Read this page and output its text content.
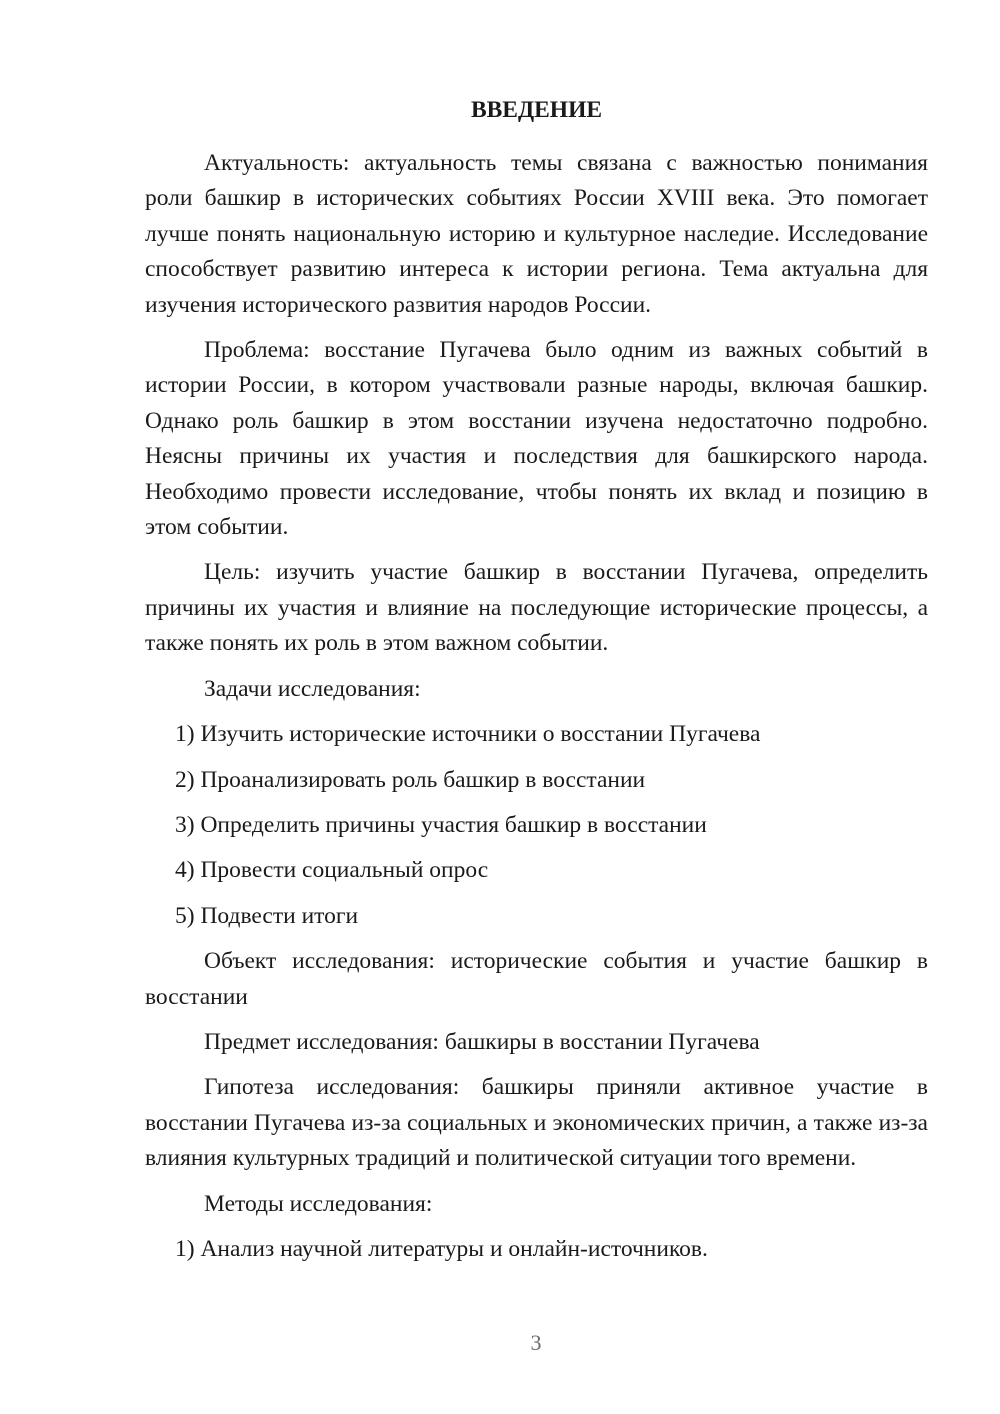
ВВЕДЕНИЕ

Актуальность: актуальность темы связана с важностью понимания роли башкир в исторических событиях России XVIII века. Это помогает лучше понять национальную историю и культурное наследие. Исследование способствует развитию интереса к истории региона. Тема актуальна для изучения исторического развития народов России.

Проблема: восстание Пугачева было одним из важных событий в истории России, в котором участвовали разные народы, включая башкир. Однако роль башкир в этом восстании изучена недостаточно подробно. Неясны причины их участия и последствия для башкирского народа. Необходимо провести исследование, чтобы понять их вклад и позицию в этом событии.

Цель: изучить участие башкир в восстании Пугачева, определить причины их участия и влияние на последующие исторические процессы, а также понять их роль в этом важном событии.

Задачи исследования:

1) Изучить исторические источники о восстании Пугачева
2) Проанализировать роль башкир в восстании
3) Определить причины участия башкир в восстании
4) Провести социальный опрос
5) Подвести итоги

Объект исследования: исторические события и участие башкир в восстании

Предмет исследования: башкиры в восстании Пугачева

Гипотеза исследования: башкиры приняли активное участие в восстании Пугачева из-за социальных и экономических причин, а также из-за влияния культурных традиций и политической ситуации того времени.

Методы исследования:

1) Анализ научной литературы и онлайн-источников.
3
